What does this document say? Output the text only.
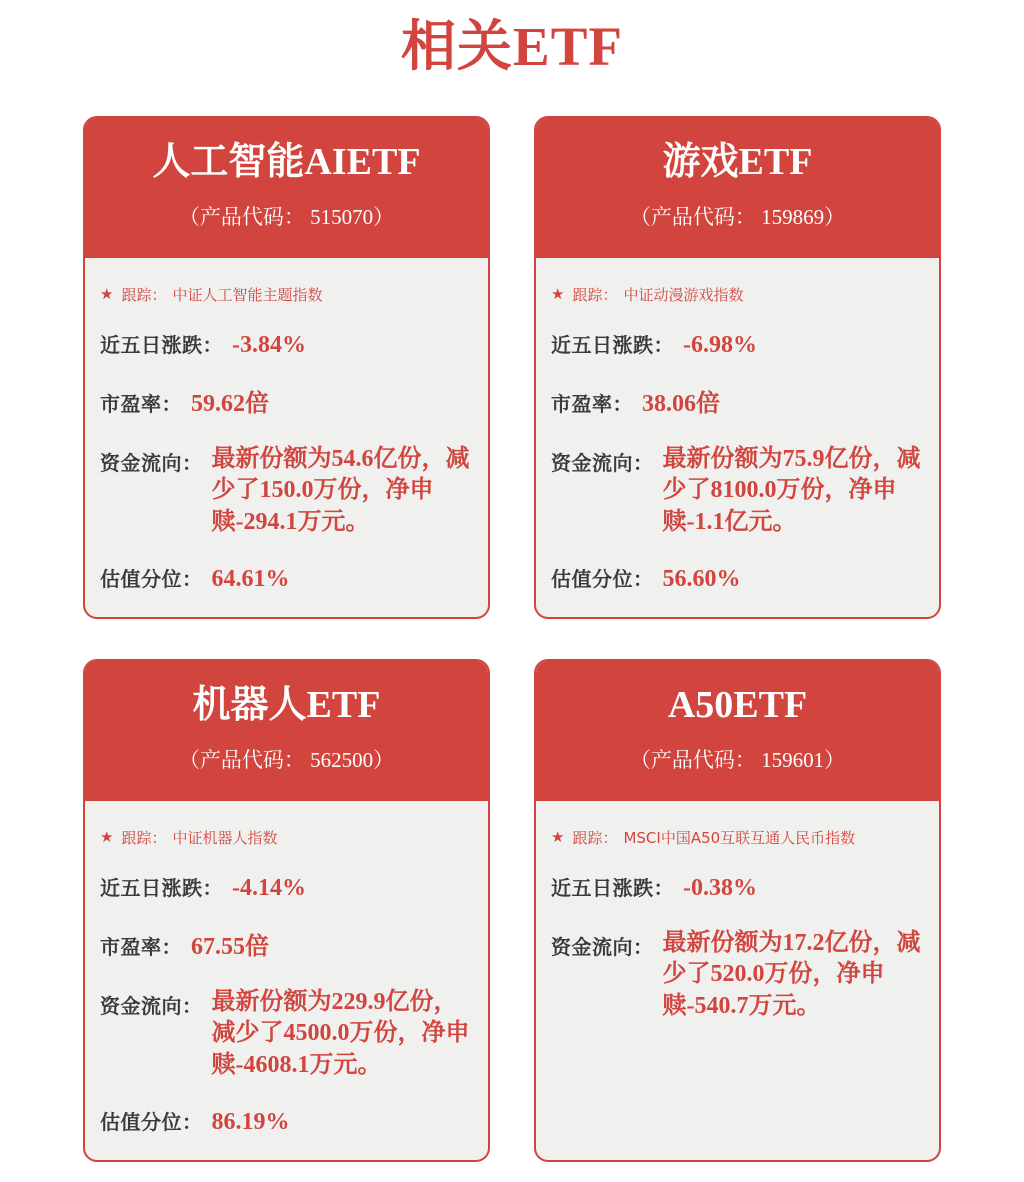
相关ETF
人工智能AIETF
（产品代码： 515070）
★ 跟踪： 中证人工智能主题指数
近五日涨跌： -3.84%
市盈率： 59.62倍
资金流向： 最新份额为54.6亿份，减少了150.0万份，净申赎-294.1万元。
估值分位： 64.61%
游戏ETF
（产品代码： 159869）
★ 跟踪： 中证动漫游戏指数
近五日涨跌： -6.98%
市盈率： 38.06倍
资金流向： 最新份额为75.9亿份，减少了8100.0万份，净申赎-1.1亿元。
估值分位： 56.60%
机器人ETF
（产品代码： 562500）
★ 跟踪： 中证机器人指数
近五日涨跌： -4.14%
市盈率： 67.55倍
资金流向： 最新份额为229.9亿份，减少了4500.0万份，净申赎-4608.1万元。
估值分位： 86.19%
A50ETF
（产品代码： 159601）
★ 跟踪： MSCI中国A50互联互通人民币指数
近五日涨跌： -0.38%
资金流向： 最新份额为17.2亿份，减少了520.0万份，净申赎-540.7万元。
